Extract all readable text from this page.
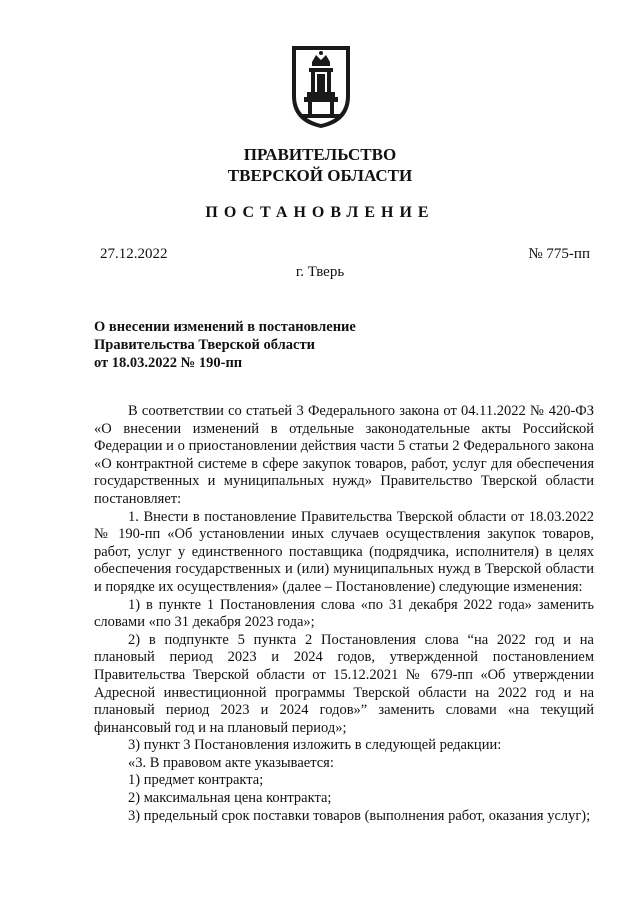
ПРАВИТЕЛЬСТВО
ТВЕРСКОЙ ОБЛАСТИ
ПОСТАНОВЛЕНИЕ
27.12.2022	№ 775-пп
г. Тверь
О внесении изменений в постановление
Правительства Тверской области
от 18.03.2022 № 190-пп

В соответствии со статьей 3 Федерального закона от 04.11.2022 № 420-ФЗ «О внесении изменений в отдельные законодательные акты Российской Федерации и о приостановлении действия части 5 статьи 2 Федерального закона «О контрактной системе в сфере закупок товаров, работ, услуг для обеспечения государственных и муниципальных нужд» Правительство Тверской области постановляет:

1. Внести в постановление Правительства Тверской области от 18.03.2022 № 190-пп «Об установлении иных случаев осуществления закупок товаров, работ, услуг у единственного поставщика (подрядчика, исполнителя) в целях обеспечения государственных и (или) муниципальных нужд в Тверской области и порядке их осуществления» (далее – Постановление) следующие изменения:

1) в пункте 1 Постановления слова «по 31 декабря 2022 года» заменить словами «по 31 декабря 2023 года»;

2) в подпункте 5 пункта 2 Постановления слова “на 2022 год и на плановый период 2023 и 2024 годов, утвержденной постановлением Правительства Тверской области от 15.12.2021 № 679-пп «Об утверждении Адресной инвестиционной программы Тверской области на 2022 год и на плановый период 2023 и 2024 годов»” заменить словами «на текущий финансовый год и на плановый период»;

3) пункт 3 Постановления изложить в следующей редакции:

«3. В правовом акте указывается:

1) предмет контракта;

2) максимальная цена контракта;

3) предельный срок поставки товаров (выполнения работ, оказания услуг);
